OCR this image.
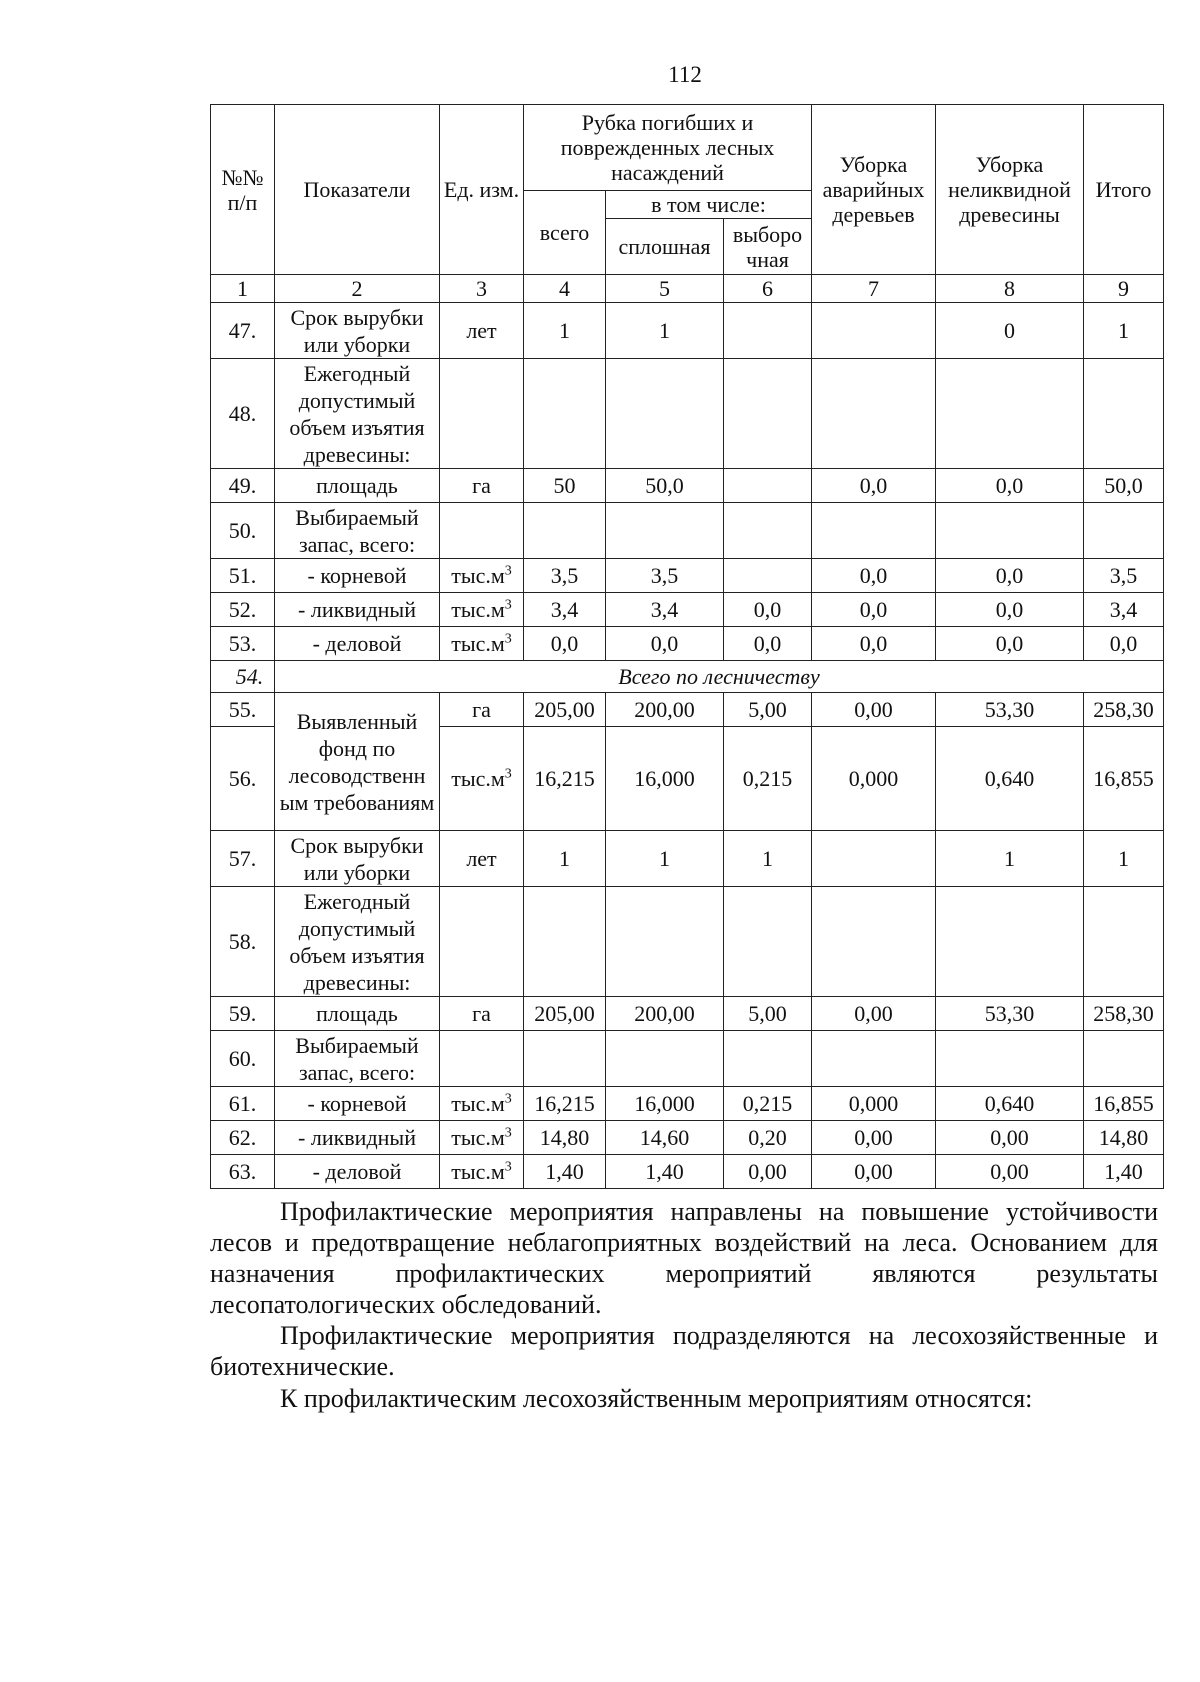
112
№№ п/п	Показатели	Ед. изм.	Рубка погибших и поврежденных лесных насаждений			Уборка аварийных деревьев	Уборка неликвидной древесины	Итого
			всего	в том числе:				
				сплошная	выборо чная			
1	2	3	4	5	6	7	8	9
47.	Срок вырубки или уборки	лет	1	1			0	1
48.	Ежегодный допустимый объем изъятия древесины:							
49.	площадь	га	50	50,0		0,0	0,0	50,0
50.	Выбираемый запас, всего:							
51.	- корневой	$тыс.м^3$	3,5	3,5		0,0	0,0	3,5
52.	- ликвидный	$тыс.м^3$	3,4	3,4	0,0	0,0	0,0	3,4
53.	- деловой	$тыс.м^3$	0,0	0,0	0,0	0,0	0,0	0,0
54.	Всего по лесничеству							
55.	Выявленный фонд по лесоводственн ым требованиям	га	205,00	200,00	5,00	0,00	53,30	258,30
56.		$тыс.м^3$	16,215	16,000	0,215	0,000	0,640	16,855
57.	Срок вырубки или уборки	лет	1	1	1		1	1
58.	Ежегодный допустимый объем изъятия древесины:							
59.	площадь	га	205,00	200,00	5,00	0,00	53,30	258,30
60.	Выбираемый запас, всего:							
61.	- корневой	$тыс.м^3$	16,215	16,000	0,215	0,000	0,640	16,855
62.	- ликвидный	$тыс.м^3$	14,80	14,60	0,20	0,00	0,00	14,80
63.	- деловой	$тыс.м^3$	1,40	1,40	0,00	0,00	0,00	1,40

Профилактические мероприятия направлены на повышение устойчивости лесов и предотвращение неблагоприятных воздействий на леса. Основанием для назначения профилактических мероприятий являются результаты лесопатологических обследований.

Профилактические мероприятия подразделяются на лесохозяйственные и биотехнические.

К профилактическим лесохозяйственным мероприятиям относятся:
